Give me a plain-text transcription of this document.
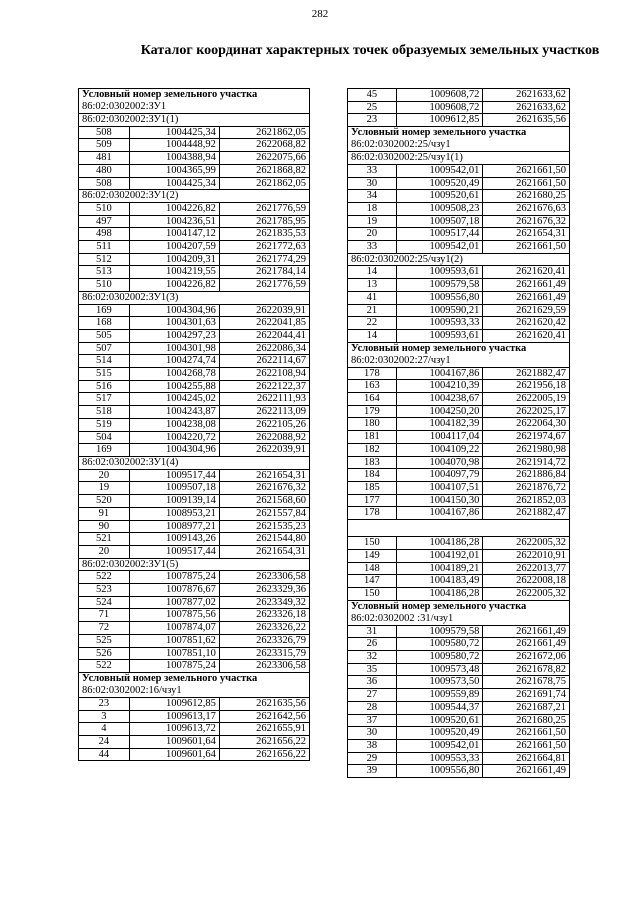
282
Каталог координат характерных точек образуемых земельных участков
Условный номер земельного участка
86:02:0302002:ЗУ1		
86:02:0302002:ЗУ1(1)		
508	1004425,34	2621862,05
509	1004448,92	2622068,82
481	1004388,94	2622075,66
480	1004365,99	2621868,82
508	1004425,34	2621862,05
86:02:0302002:ЗУ1(2)		
510	1004226,82	2621776,59
497	1004236,51	2621785,95
498	1004147,12	2621835,53
511	1004207,59	2621772,63
512	1004209,31	2621774,29
513	1004219,55	2621784,14
510	1004226,82	2621776,59
86:02:0302002:ЗУ1(3)		
169	1004304,96	2622039,91
168	1004301,63	2622041,85
505	1004297,23	2622044,41
507	1004301,98	2622086,34
514	1004274,74	2622114,67
515	1004268,78	2622108,94
516	1004255,88	2622122,37
517	1004245,02	2622111,93
518	1004243,87	2622113,09
519	1004238,08	2622105,26
504	1004220,72	2622088,92
169	1004304,96	2622039,91
86:02:0302002:ЗУ1(4)		
20	1009517,44	2621654,31
19	1009507,18	2621676,32
520	1009139,14	2621568,60
91	1008953,21	2621557,84
90	1008977,21	2621535,23
521	1009143,26	2621544,80
20	1009517,44	2621654,31
86:02:0302002:ЗУ1(5)		
522	1007875,24	2623306,58
523	1007876,67	2623329,36
524	1007877,02	2623349,32
71	1007875,56	2623326,18
72	1007874,07	2623326,22
525	1007851,62	2623326,79
526	1007851,10	2623315,79
522	1007875,24	2623306,58
Условный номер земельного участка
86:02:0302002:16/чзу1		
23	1009612,85	2621635,56
3	1009613,17	2621642,56
4	1009613,72	2621655,91
24	1009601,64	2621656,22
44	1009601,64	2621656,22
45	1009608,72	2621633,62
25	1009608,72	2621633,62
23	1009612,85	2621635,56
Условный номер земельного участка
86:02:0302002:25/чзу1		
86:02:0302002:25/чзу1(1)		
33	1009542,01	2621661,50
30	1009520,49	2621661,50
34	1009520,61	2621680,25
18	1009508,23	2621676,63
19	1009507,18	2621676,32
20	1009517,44	2621654,31
33	1009542,01	2621661,50
86:02:0302002:25/чзу1(2)		
14	1009593,61	2621620,41
13	1009579,58	2621661,49
41	1009556,80	2621661,49
21	1009590,21	2621629,59
22	1009593,33	2621620,42
14	1009593,61	2621620,41
Условный номер земельного участка
86:02:0302002:27/чзу1		
178	1004167,86	2621882,47
163	1004210,39	2621956,18
164	1004238,67	2622005,19
179	1004250,20	2622025,17
180	1004182,39	2622064,30
181	1004117,04	2621974,67
182	1004109,22	2621980,98
183	1004070,98	2621914,72
184	1004097,79	2621886,84
185	1004107,51	2621876,72
177	1004150,30	2621852,03
178	1004167,86	2621882,47

150	1004186,28	2622005,32
149	1004192,01	2622010,91
148	1004189,21	2622013,77
147	1004183,49	2622008,18
150	1004186,28	2622005,32
Условный номер земельного участка
86:02:0302002 :31/чзу1		
31	1009579,58	2621661,49
26	1009580,72	2621661,49
32	1009580,72	2621672,06
35	1009573,48	2621678,82
36	1009573,50	2621678,75
27	1009559,89	2621691,74
28	1009544,37	2621687,21
37	1009520,61	2621680,25
30	1009520,49	2621661,50
38	1009542,01	2621661,50
29	1009553,33	2621664,81
39	1009556,80	2621661,49
